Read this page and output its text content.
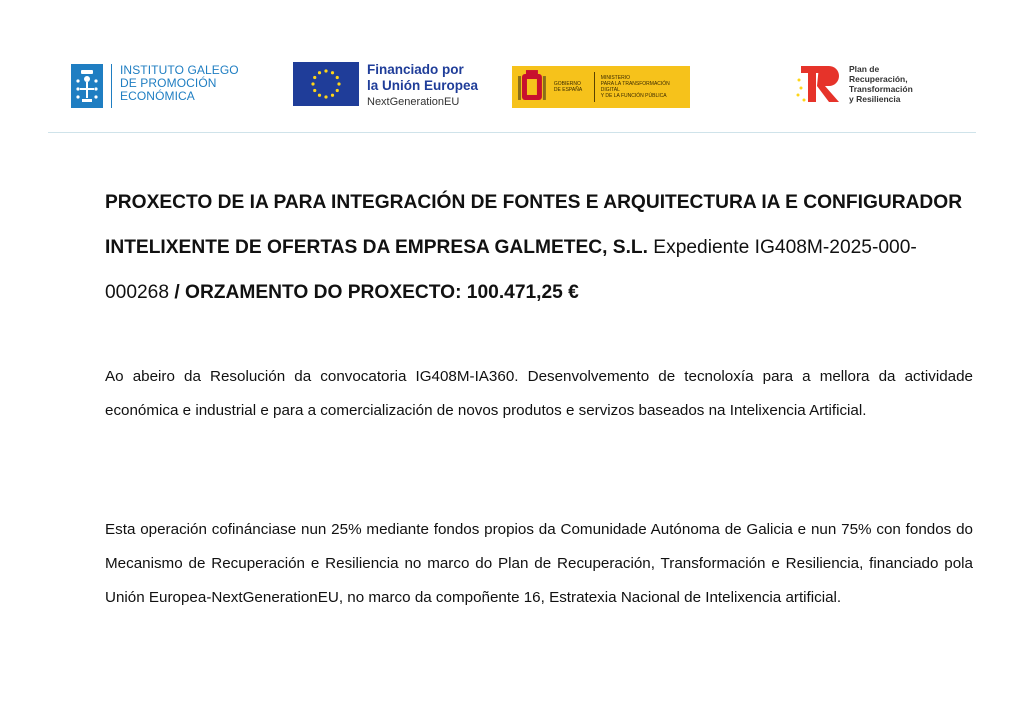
INSTITUTO GALEGO
DE PROMOCIÓN
ECONÓMICA
Financiado por
la Unión Europea
NextGenerationEU
GOBIERNO
DE ESPAÑA
MINISTERIO
PARA LA TRANSFORMACIÓN DIGITAL
Y DE LA FUNCIÓN PÚBLICA
Plan de
Recuperación,
Transformación
y Resiliencia
PROXECTO DE IA PARA INTEGRACIÓN DE FONTES E ARQUITECTURA IA E CONFIGURADOR INTELIXENTE DE OFERTAS DA EMPRESA GALMETEC, S.L. Expediente IG408M-2025-000-000268 / ORZAMENTO DO PROXECTO: 100.471,25 €
Ao abeiro da Resolución da convocatoria IG408M-IA360. Desenvolvemento de tecnoloxía para a mellora da actividade económica e industrial e para a comercialización de novos produtos e servizos baseados na Intelixencia Artificial.
Esta operación cofinánciase nun 25% mediante fondos propios da Comunidade Autónoma de Galicia e nun 75% con fondos do Mecanismo de Recuperación e Resiliencia no marco do Plan de Recuperación, Transformación e Resiliencia, financiado pola Unión Europea-NextGenerationEU, no marco da compoñente 16, Estratexia Nacional de Intelixencia artificial.
